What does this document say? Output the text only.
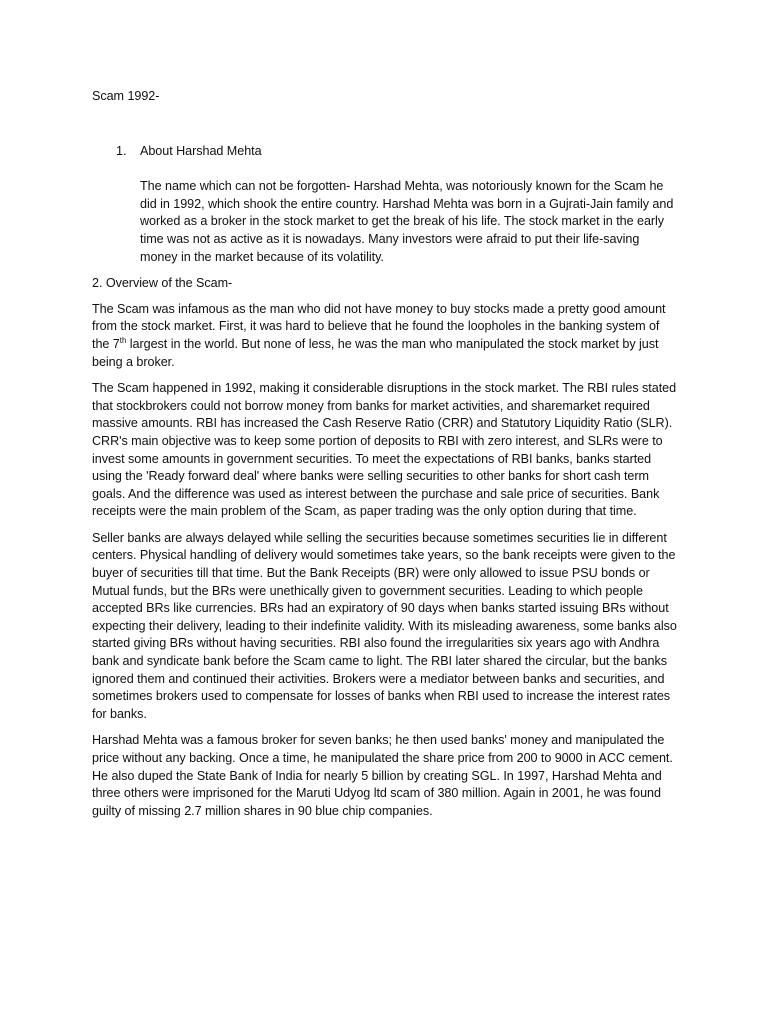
Scam 1992-
1.	About Harshad Mehta

The name which can not be forgotten- Harshad Mehta, was notoriously known for the Scam he did in 1992, which shook the entire country. Harshad Mehta was born in a Gujrati-Jain family and worked as a broker in the stock market to get the break of his life. The stock market in the early time was not as active as it is nowadays. Many investors were afraid to put their life-saving money in the market because of its volatility.

2. Overview of the Scam-

The Scam was infamous as the man who did not have money to buy stocks made a pretty good amount from the stock market. First, it was hard to believe that he found the loopholes in the banking system of the 7th largest in the world. But none of less, he was the man who manipulated the stock market by just being a broker.

The Scam happened in 1992, making it considerable disruptions in the stock market. The RBI rules stated that stockbrokers could not borrow money from banks for market activities, and sharemarket required massive amounts. RBI has increased the Cash Reserve Ratio (CRR) and Statutory Liquidity Ratio (SLR). CRR's main objective was to keep some portion of deposits to RBI with zero interest, and SLRs were to invest some amounts in government securities. To meet the expectations of RBI banks, banks started using the 'Ready forward deal' where banks were selling securities to other banks for short cash term goals. And the difference was used as interest between the purchase and sale price of securities. Bank receipts were the main problem of the Scam, as paper trading was the only option during that time.

Seller banks are always delayed while selling the securities because sometimes securities lie in different centers. Physical handling of delivery would sometimes take years, so the bank receipts were given to the buyer of securities till that time. But the Bank Receipts (BR) were only allowed to issue PSU bonds or Mutual funds, but the BRs were unethically given to government securities. Leading to which people accepted BRs like currencies. BRs had an expiratory of 90 days when banks started issuing BRs without expecting their delivery, leading to their indefinite validity. With its misleading awareness, some banks also started giving BRs without having securities. RBI also found the irregularities six years ago with Andhra bank and syndicate bank before the Scam came to light. The RBI later shared the circular, but the banks ignored them and continued their activities. Brokers were a mediator between banks and securities, and sometimes brokers used to compensate for losses of banks when RBI used to increase the interest rates for banks.

Harshad Mehta was a famous broker for seven banks; he then used banks' money and manipulated the price without any backing. Once a time, he manipulated the share price from 200 to 9000 in ACC cement. He also duped the State Bank of India for nearly 5 billion by creating SGL. In 1997, Harshad Mehta and three others were imprisoned for the Maruti Udyog ltd scam of 380 million. Again in 2001, he was found guilty of missing 2.7 million shares in 90 blue chip companies.
